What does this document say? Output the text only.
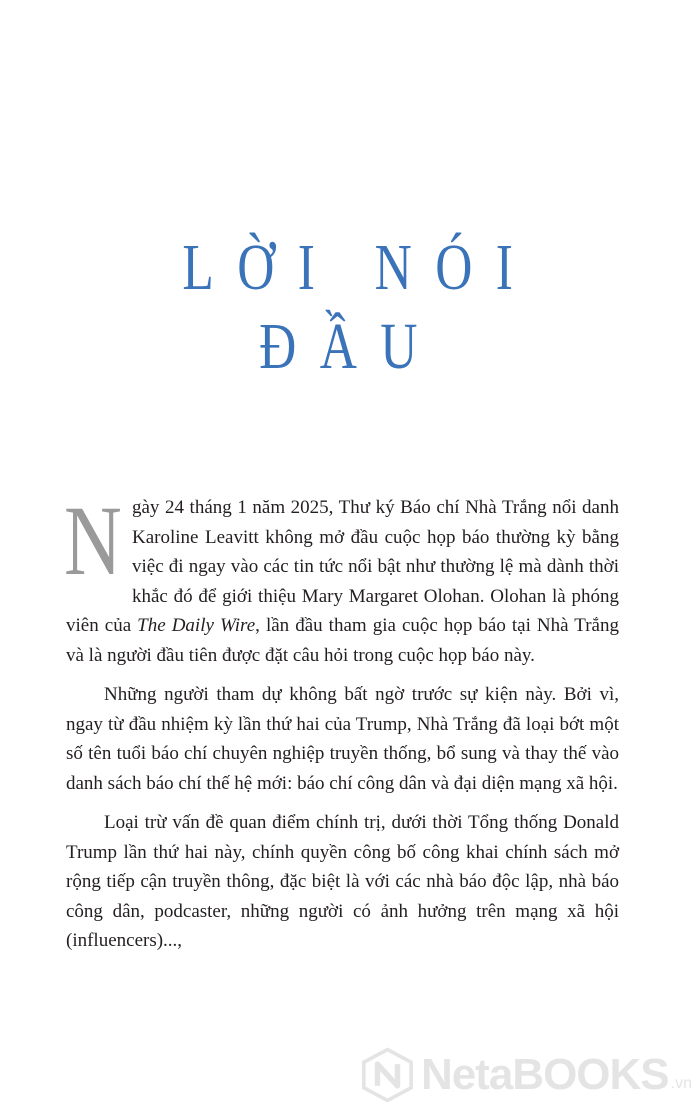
LỜI NÓI ĐẦU

Ngày 24 tháng 1 năm 2025, Thư ký Báo chí Nhà Trắng nổi danh Karoline Leavitt không mở đầu cuộc họp báo thường kỳ bằng việc đi ngay vào các tin tức nổi bật như thường lệ mà dành thời khắc đó để giới thiệu Mary Margaret Olohan. Olohan là phóng viên của The Daily Wire, lần đầu tham gia cuộc họp báo tại Nhà Trắng và là người đầu tiên được đặt câu hỏi trong cuộc họp báo này.

Những người tham dự không bất ngờ trước sự kiện này. Bởi vì, ngay từ đầu nhiệm kỳ lần thứ hai của Trump, Nhà Trắng đã loại bớt một số tên tuổi báo chí chuyên nghiệp truyền thống, bổ sung và thay thế vào danh sách báo chí thế hệ mới: báo chí công dân và đại diện mạng xã hội.

Loại trừ vấn đề quan điểm chính trị, dưới thời Tổng thống Donald Trump lần thứ hai này, chính quyền công bố công khai chính sách mở rộng tiếp cận truyền thông, đặc biệt là với các nhà báo độc lập, nhà báo công dân, podcaster, những người có ảnh hưởng trên mạng xã hội (influencers)...,

NetaBOOKS .vn
